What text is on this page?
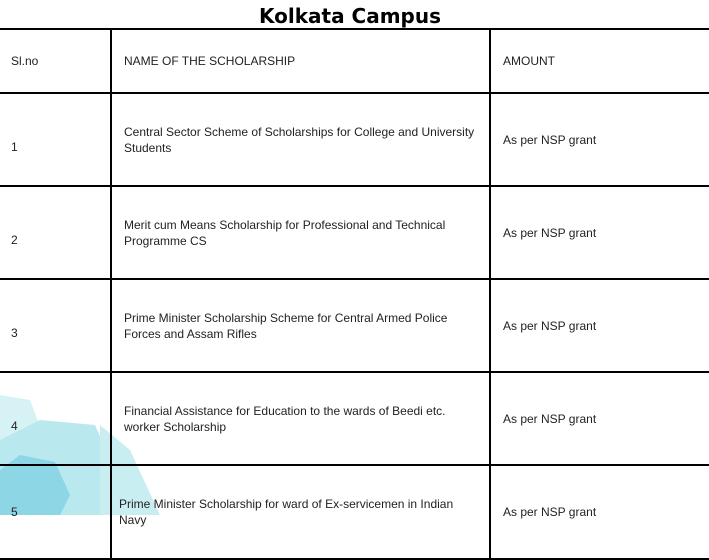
Kolkata Campus
Sl.no	NAME OF THE SCHOLARSHIP	AMOUNT
1	Central Sector Scheme of Scholarships for College and University Students	As per NSP grant
2	Merit cum Means Scholarship for Professional and Technical Programme CS	As per NSP grant
3	Prime Minister Scholarship Scheme for Central Armed Police Forces and Assam Rifles	As per NSP grant
4	Financial Assistance for Education to the wards of Beedi etc. worker Scholarship	As per NSP grant
5	Prime Minister Scholarship for ward of Ex-servicemen in Indian Navy	As per NSP grant
